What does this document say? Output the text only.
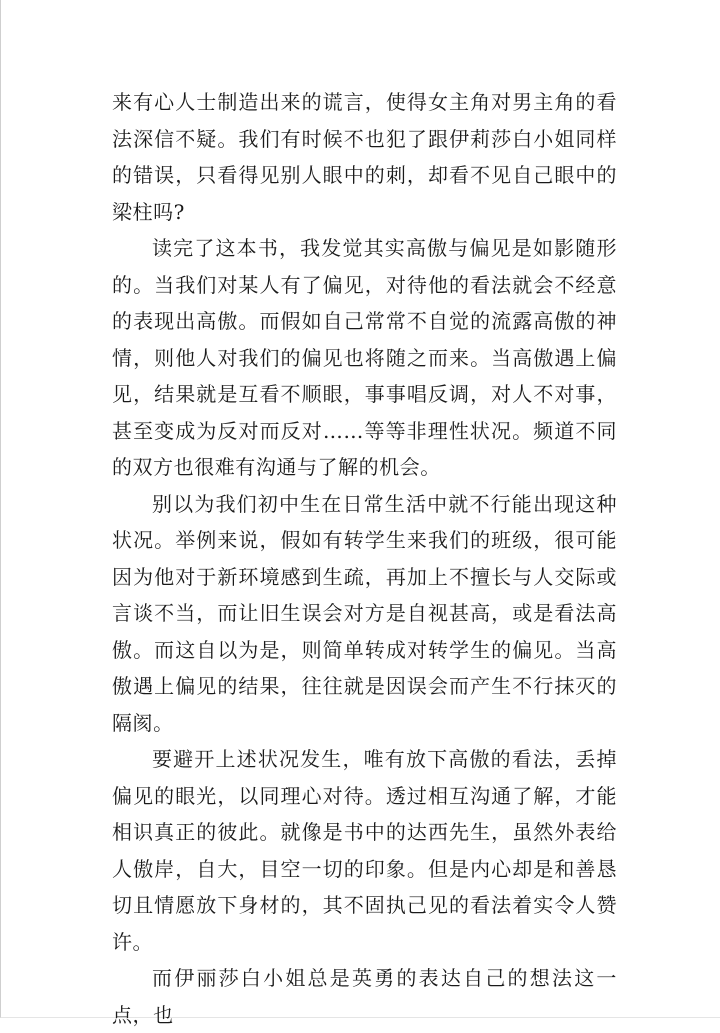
来有心人士制造出来的谎言，使得女主角对男主角的看法深信不疑。我们有时候不也犯了跟伊莉莎白小姐同样的错误，只看得见别人眼中的刺，却看不见自己眼中的梁柱吗?

读完了这本书，我发觉其实高傲与偏见是如影随形的。当我们对某人有了偏见，对待他的看法就会不经意的表现出高傲。而假如自己常常不自觉的流露高傲的神情，则他人对我们的偏见也将随之而来。当高傲遇上偏见，结果就是互看不顺眼，事事唱反调，对人不对事，甚至变成为反对而反对……等等非理性状况。频道不同的双方也很难有沟通与了解的机会。

别以为我们初中生在日常生活中就不行能出现这种状况。举例来说，假如有转学生来我们的班级，很可能因为他对于新环境感到生疏，再加上不擅长与人交际或言谈不当，而让旧生误会对方是自视甚高，或是看法高傲。而这自以为是，则简单转成对转学生的偏见。当高傲遇上偏见的结果，往往就是因误会而产生不行抹灭的隔阂。

要避开上述状况发生，唯有放下高傲的看法，丢掉偏见的眼光，以同理心对待。透过相互沟通了解，才能相识真正的彼此。就像是书中的达西先生，虽然外表给人傲岸，自大，目空一切的印象。但是内心却是和善恳切且情愿放下身材的，其不固执己见的看法着实令人赞许。

而伊丽莎白小姐总是英勇的表达自己的想法这一点，也
